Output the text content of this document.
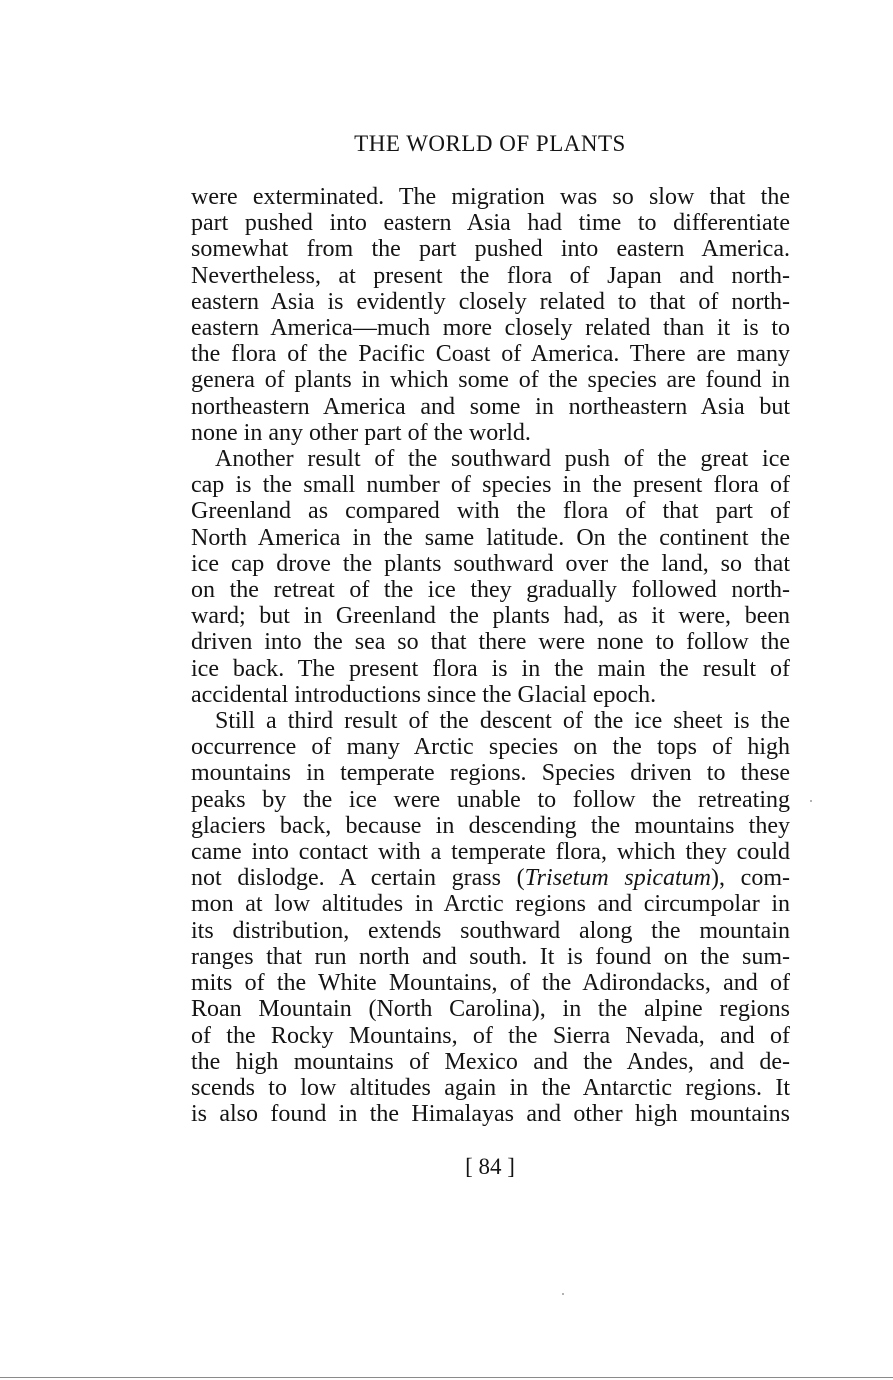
THE WORLD OF PLANTS
were exterminated. The migration was so slow that the
part pushed into eastern Asia had time to differentiate
somewhat from the part pushed into eastern America.
Nevertheless, at present the flora of Japan and north-
eastern Asia is evidently closely related to that of north-
eastern America—much more closely related than it is to
the flora of the Pacific Coast of America. There are many
genera of plants in which some of the species are found in
northeastern America and some in northeastern Asia but
none in any other part of the world.
Another result of the southward push of the great ice
cap is the small number of species in the present flora of
Greenland as compared with the flora of that part of
North America in the same latitude. On the continent the
ice cap drove the plants southward over the land, so that
on the retreat of the ice they gradually followed north-
ward; but in Greenland the plants had, as it were, been
driven into the sea so that there were none to follow the
ice back. The present flora is in the main the result of
accidental introductions since the Glacial epoch.
Still a third result of the descent of the ice sheet is the
occurrence of many Arctic species on the tops of high
mountains in temperate regions. Species driven to these
peaks by the ice were unable to follow the retreating
glaciers back, because in descending the mountains they
came into contact with a temperate flora, which they could
not dislodge. A certain grass (Trisetum spicatum), com-
mon at low altitudes in Arctic regions and circumpolar in
its distribution, extends southward along the mountain
ranges that run north and south. It is found on the sum-
mits of the White Mountains, of the Adirondacks, and of
Roan Mountain (North Carolina), in the alpine regions
of the Rocky Mountains, of the Sierra Nevada, and of
the high mountains of Mexico and the Andes, and de-
scends to low altitudes again in the Antarctic regions. It
is also found in the Himalayas and other high mountains
[ 84 ]
